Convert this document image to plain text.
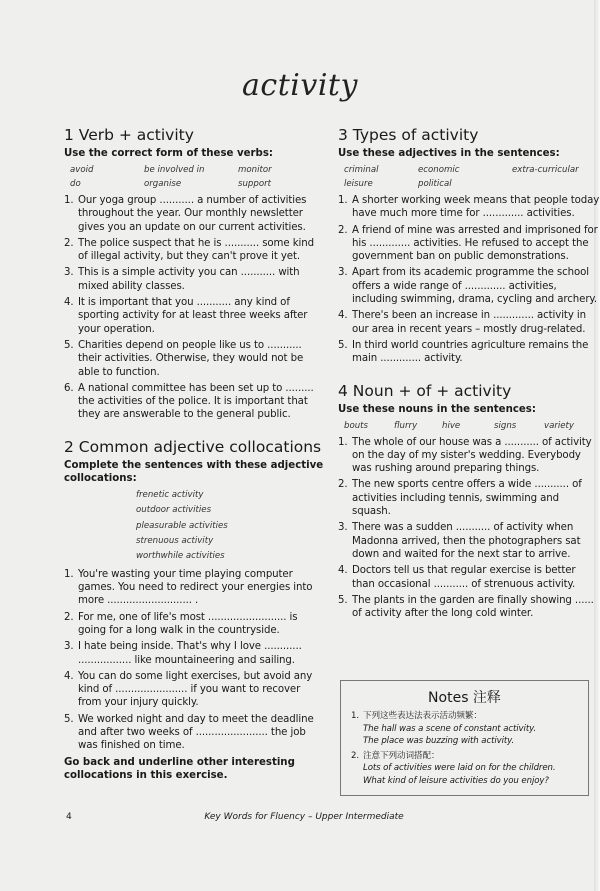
activity
1 Verb + activity
Use the correct form of these verbs:
avoid	be involved in	monitor
do	organise	support
1. Our yoga group ........... a number of activities throughout the year. Our monthly newsletter gives you an update on our current activities.
2. The police suspect that he is ........... some kind of illegal activity, but they can't prove it yet.
3. This is a simple activity you can ........... with mixed ability classes.
4. It is important that you ........... any kind of sporting activity for at least three weeks after your operation.
5. Charities depend on people like us to ........... their activities. Otherwise, they would not be able to function.
6. A national committee has been set up to ......... the activities of the police. It is important that they are answerable to the general public.
2 Common adjective collocations
Complete the sentences with these adjective collocations:
frenetic activity
outdoor activities
pleasurable activities
strenuous activity
worthwhile activities
1. You're wasting your time playing computer games. You need to redirect your energies into more ........................... .
2. For me, one of life's most ......................... is going for a long walk in the countryside.
3. I hate being inside. That's why I love ............ ................. like mountaineering and sailing.
4. You can do some light exercises, but avoid any kind of ....................... if you want to recover from your injury quickly.
5. We worked night and day to meet the deadline and after two weeks of ....................... the job was finished on time.
Go back and underline other interesting collocations in this exercise.
3 Types of activity
Use these adjectives in the sentences:
criminal	economic	extra-curricular
leisure	political
1. A shorter working week means that people today have much more time for ............. activities.
2. A friend of mine was arrested and imprisoned for his ............. activities. He refused to accept the government ban on public demonstrations.
3. Apart from its academic programme the school offers a wide range of ............. activities, including swimming, drama, cycling and archery.
4. There's been an increase in ............. activity in our area in recent years – mostly drug-related.
5. In third world countries agriculture remains the main ............. activity.
4 Noun + of + activity
Use these nouns in the sentences:
bouts	flurry	hive	signs	variety
1. The whole of our house was a ........... of activity on the day of my sister's wedding. Everybody was rushing around preparing things.
2. The new sports centre offers a wide ........... of activities including tennis, swimming and squash.
3. There was a sudden ........... of activity when Madonna arrived, then the photographers sat down and waited for the next star to arrive.
4. Doctors tell us that regular exercise is better than occasional ........... of strenuous activity.
5. The plants in the garden are finally showing ...... of activity after the long cold winter.
Notes 注释
1. 下列这些表达法表示活动频繁：
The hall was a scene of constant activity.
The place was buzzing with activity.
2. 注意下列动词搭配：
Lots of activities were laid on for the children.
What kind of leisure activities do you enjoy?
4	Key Words for Fluency – Upper Intermediate
